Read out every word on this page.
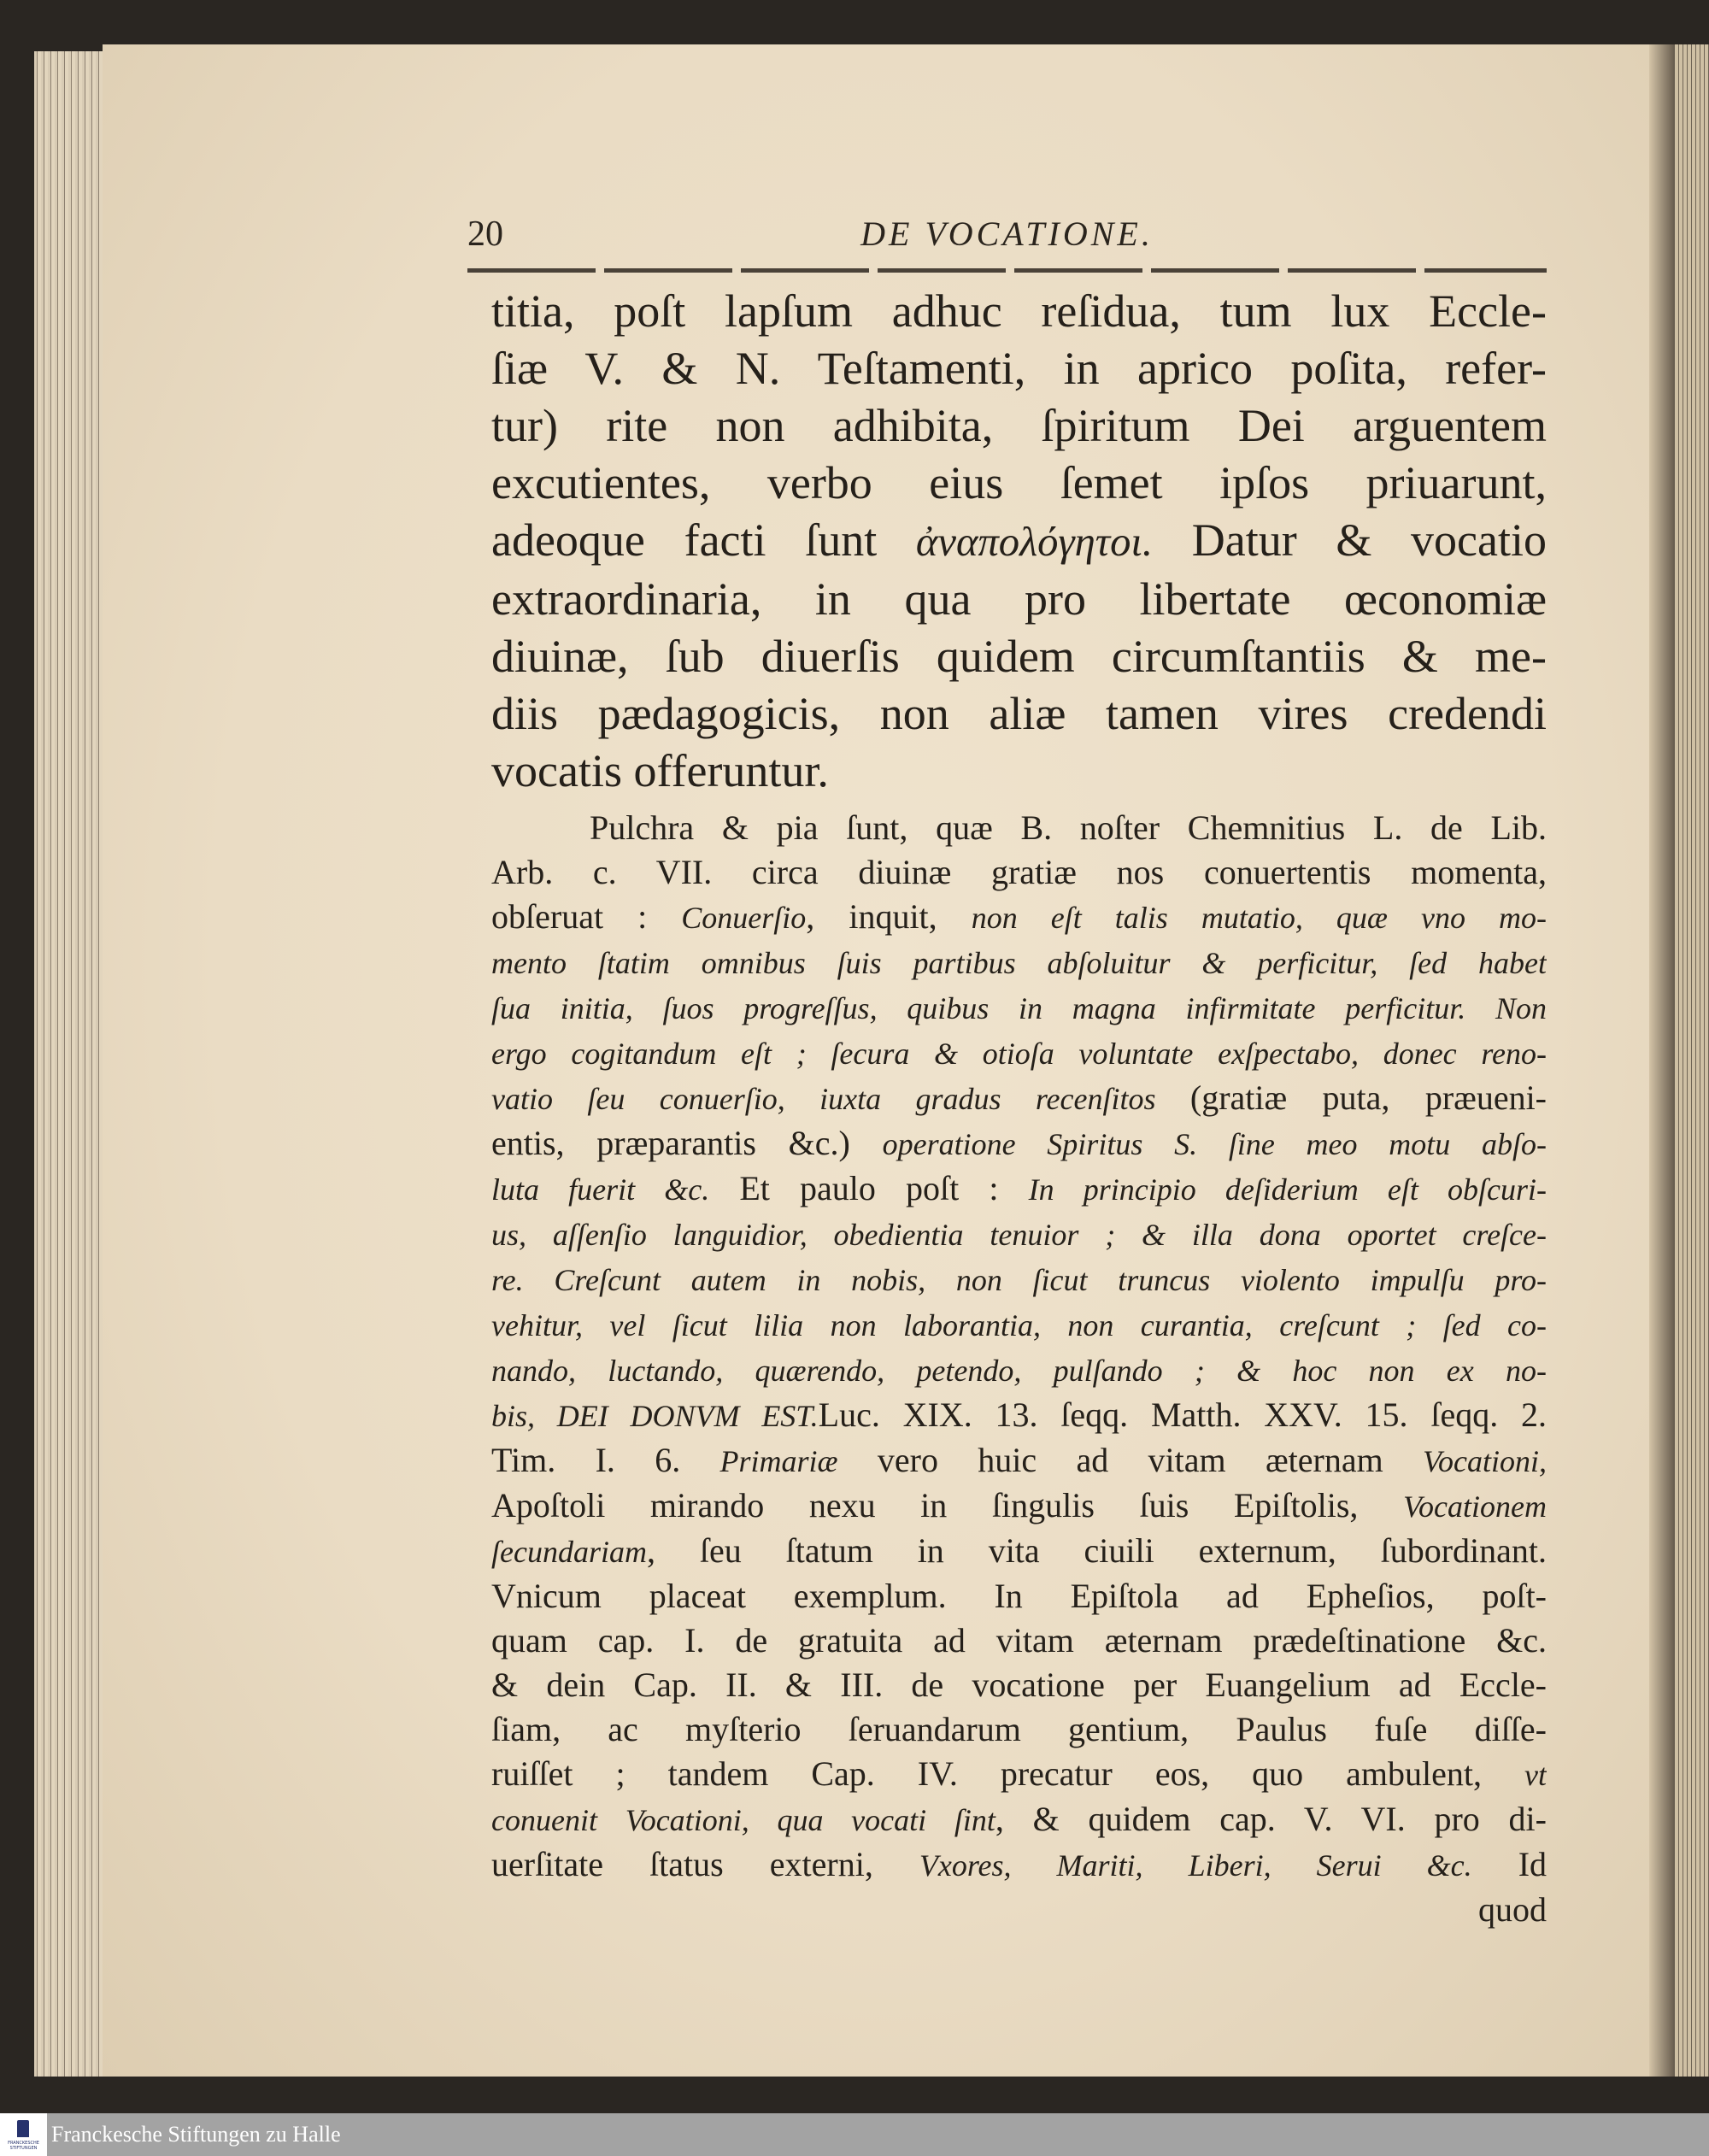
20	DE VOCATIONE.
titia, poſt lapſum adhuc reſidua, tum lux Eccle-
ſiæ V. & N. Teſtamenti, in aprico poſita, refer-
tur) rite non adhibita, ſpiritum Dei arguentem
excutientes, verbo eius ſemet ipſos priuarunt,
adeoque facti ſunt ἀναπολόγητοι. Datur & vocatio
extraordinaria, in qua pro libertate œconomiæ
diuinæ, ſub diuerſis quidem circumſtantiis & me-
diis pædagogicis, non aliæ tamen vires credendi
vocatis offeruntur.
Pulchra & pia ſunt, quæ B. noſter Chemnitius L. de Lib.
Arb. c. VII. circa diuinæ gratiæ nos conuertentis momenta,
obſeruat : Conuerſio, inquit, non eſt talis mutatio, quæ vno mo-
mento ſtatim omnibus ſuis partibus abſoluitur & perficitur, ſed habet
ſua initia, ſuos progreſſus, quibus in magna infirmitate perficitur. Non
ergo cogitandum eſt ; ſecura & otioſa voluntate exſpectabo, donec reno-
vatio ſeu conuerſio, iuxta gradus recenſitos (gratiæ puta, præueni-
entis, præparantis &c.) operatione Spiritus S. ſine meo motu abſo-
luta fuerit &c. Et paulo poſt : In principio deſiderium eſt obſcuri-
us, aſſenſio languidior, obedientia tenuior ; & illa dona oportet creſce-
re. Creſcunt autem in nobis, non ſicut truncus violento impulſu pro-
vehitur, vel ſicut lilia non laborantia, non curantia, creſcunt ; ſed co-
nando, luctando, quærendo, petendo, pulſando ; & hoc non ex no-
bis, DEI DONVM EST.Luc. XIX. 13. ſeqq. Matth. XXV. 15. ſeqq. 2.
Tim. I. 6. Primariæ vero huic ad vitam æternam Vocationi,
Apoſtoli mirando nexu in ſingulis ſuis Epiſtolis, Vocationem
ſecundariam, ſeu ſtatum in vita ciuili externum, ſubordinant.
Vnicum placeat exemplum. In Epiſtola ad Epheſios, poſt-
quam cap. I. de gratuita ad vitam æternam prædeſtinatione &c.
& dein Cap. II. & III. de vocatione per Euangelium ad Eccle-
ſiam, ac myſterio ſeruandarum gentium, Paulus fuſe diſſe-
ruiſſet ; tandem Cap. IV. precatur eos, quo ambulent, vt
conuenit Vocationi, qua vocati ſint, & quidem cap. V. VI. pro di-
uerſitate ſtatus externi, Vxores, Mariti, Liberi, Serui &c. Id
quod
FRANCKESCHE STIFTUNGEN
Franckesche Stiftungen zu Halle
